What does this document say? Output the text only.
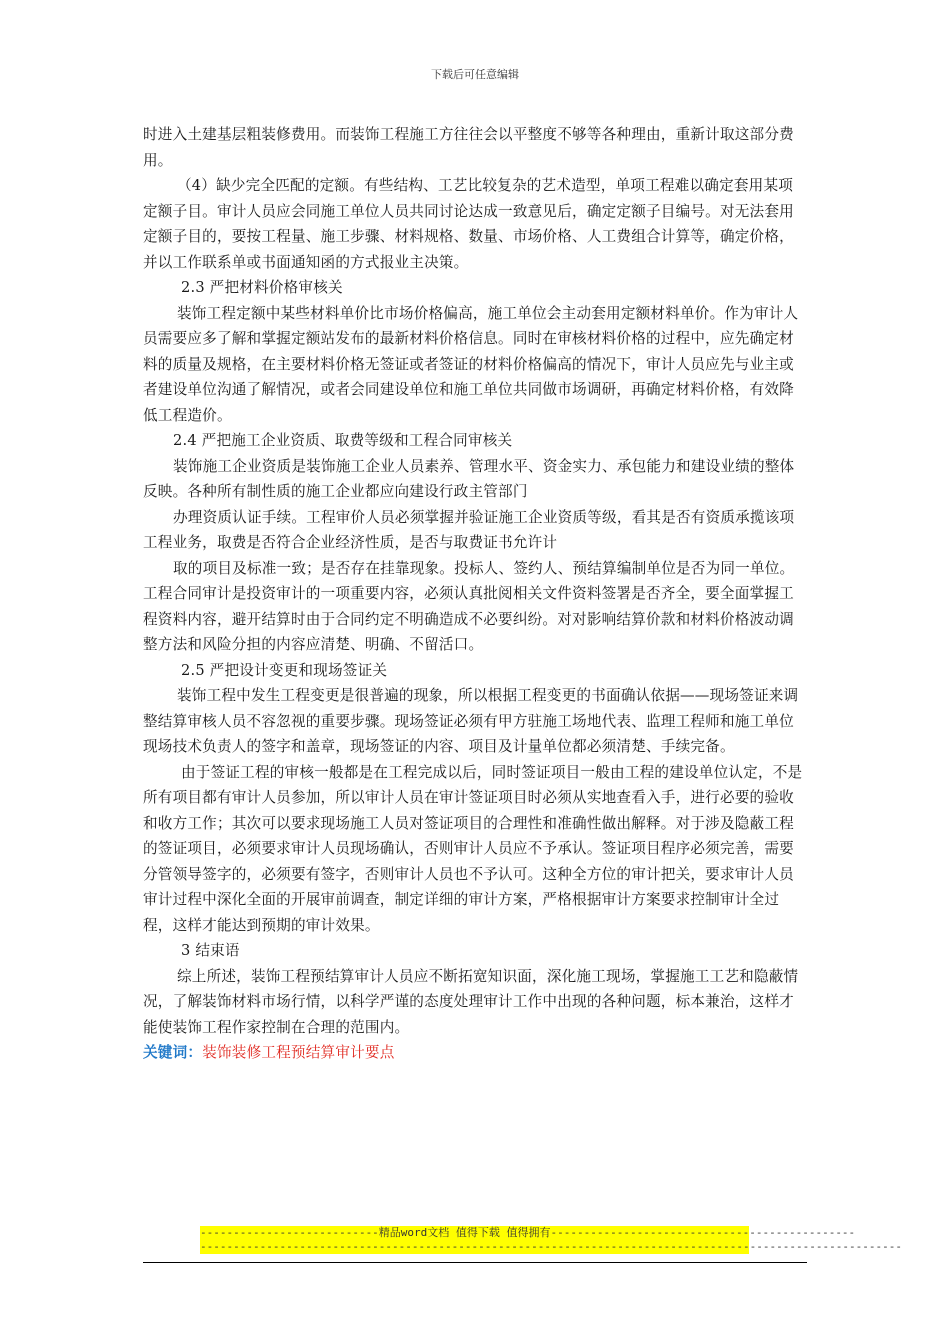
下载后可任意编辑

时进入土建基层粗装修费用。而装饰工程施工方往往会以平整度不够等各种理由，重新计取这部分费用。

（4）缺少完全匹配的定额。有些结构、工艺比较复杂的艺术造型，单项工程难以确定套用某项定额子目。审计人员应会同施工单位人员共同讨论达成一致意见后，确定定额子目编号。对无法套用定额子目的，要按工程量、施工步骤、材料规格、数量、市场价格、人工费组合计算等，确定价格，并以工作联系单或书面通知函的方式报业主决策。

2.3 严把材料价格审核关

装饰工程定额中某些材料单价比市场价格偏高，施工单位会主动套用定额材料单价。作为审计人员需要应多了解和掌握定额站发布的最新材料价格信息。同时在审核材料价格的过程中，应先确定材料的质量及规格，在主要材料价格无签证或者签证的材料价格偏高的情况下，审计人员应先与业主或者建设单位沟通了解情况，或者会同建设单位和施工单位共同做市场调研，再确定材料价格，有效降低工程造价。

2.4 严把施工企业资质、取费等级和工程合同审核关

装饰施工企业资质是装饰施工企业人员素养、管理水平、资金实力、承包能力和建设业绩的整体反映。各种所有制性质的施工企业都应向建设行政主管部门

办理资质认证手续。工程审价人员必须掌握并验证施工企业资质等级，看其是否有资质承揽该项工程业务，取费是否符合企业经济性质，是否与取费证书允许计

取的项目及标准一致；是否存在挂靠现象。投标人、签约人、预结算编制单位是否为同一单位。

工程合同审计是投资审计的一项重要内容，必须认真批阅相关文件资料签署是否齐全，要全面掌握工程资料内容，避开结算时由于合同约定不明确造成不必要纠纷。对对影响结算价款和材料价格波动调整方法和风险分担的内容应清楚、明确、不留活口。

2.5 严把设计变更和现场签证关

装饰工程中发生工程变更是很普遍的现象，所以根据工程变更的书面确认依据——现场签证来调整结算审核人员不容忽视的重要步骤。现场签证必须有甲方驻施工场地代表、监理工程师和施工单位现场技术负责人的签字和盖章，现场签证的内容、项目及计量单位都必须清楚、手续完备。

由于签证工程的审核一般都是在工程完成以后，同时签证项目一般由工程的建设单位认定，不是所有项目都有审计人员参加，所以审计人员在审计签证项目时必须从实地查看入手，进行必要的验收和收方工作；其次可以要求现场施工人员对签证项目的合理性和准确性做出解释。对于涉及隐蔽工程的签证项目，必须要求审计人员现场确认，否则审计人员应不予承认。签证项目程序必须完善，需要分管领导签字的，必须要有签字，否则审计人员也不予认可。这种全方位的审计把关，要求审计人员审计过程中深化全面的开展审前调查，制定详细的审计方案，严格根据审计方案要求控制审计全过程，这样才能达到预期的审计效果。

3 结束语

综上所述，装饰工程预结算审计人员应不断拓宽知识面，深化施工现场，掌握施工工艺和隐蔽情况，了解装饰材料市场行情，以科学严谨的态度处理审计工作中出现的各种问题，标本兼治，这样才能使装饰工程作家控制在合理的范围内。

关键词：装饰装修工程预结算审计要点

---------------------------精品word文档 值得下载 值得拥有----------------------------------------------
----------------------------------------------------------------------------------------------------------
